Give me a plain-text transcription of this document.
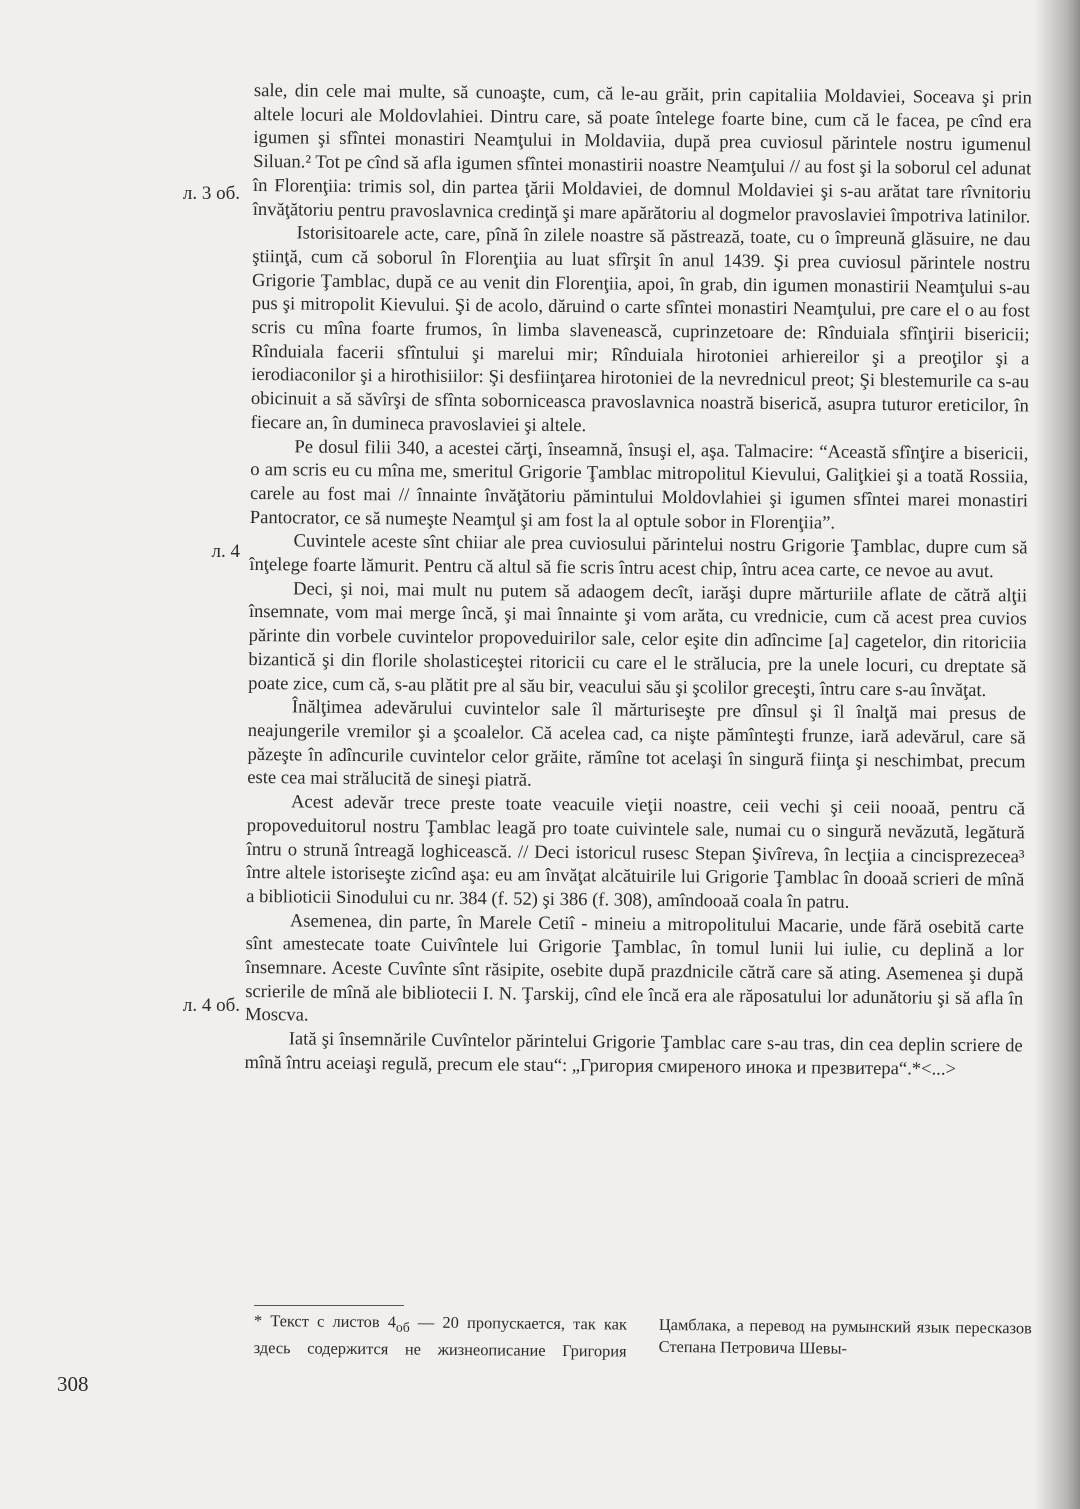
л. 3 об.
л. 4
л. 4 об.

sale, din cele mai multe, să cunoaşte, cum, că le-au grăit, prin capitaliia Moldaviei, Soceava şi prin altele locuri ale Moldovlahiei. Dintru care, să poate întelege foarte bine, cum că le facea, pe cînd era igumen şi sfîntei monastiri Neamţului in Moldaviia, după prea cuviosul părintele nostru igumenul Siluan.² Tot pe cînd să afla igumen sfîntei monastirii noastre Neamţului // au fost şi la soborul cel adunat în Florenţiia: trimis sol, din partea ţării Moldaviei, de domnul Moldaviei şi s-au arătat tare rîvnitoriu învăţătoriu pentru pravoslavnica credinţă şi mare apărătoriu al dogmelor pravoslaviei împotriva latinilor.

Istorisitoarele acte, care, pînă în zilele noastre să păstrează, toate, cu o împreună glăsuire, ne dau ştiinţă, cum că soborul în Florenţiia au luat sfîrşit în anul 1439. Şi prea cuviosul părintele nostru Grigorie Ţamblac, după ce au venit din Florenţiia, apoi, în grab, din igumen monastirii Neamţului s-au pus şi mitropolit Kievului. Şi de acolo, dăruind o carte sfîntei monastiri Neamţului, pre care el o au fost scris cu mîna foarte frumos, în limba slavenească, cuprinzetoare de: Rînduiala sfînţirii bisericii; Rînduiala facerii sfîntului şi marelui mir; Rînduiala hirotoniei arhiereilor şi a preoţilor şi a ierodiaconilor şi a hirothisiilor: Şi desfiinţarea hirotoniei de la nevrednicul preot; Şi blestemurile ca s-au obicinuit a să săvîrşi de sfînta soborniceasca pravoslavnica noastră biserică, asupra tuturor ereticilor, în fiecare an, în dumineca pravoslaviei şi altele.

Pe dosul filii 340, a acestei cărţi, înseamnă, însuşi el, aşa. Talmacire: “Această sfînţire a bisericii, o am scris eu cu mîna me, smeritul Grigorie Ţamblac mitropolitul Kievului, Galiţkiei şi a toată Rossiia, carele au fost mai // înnainte învăţătoriu pămintului Moldovlahiei şi igumen sfîntei marei monastiri Pantocrator, ce să numeşte Neamţul şi am fost la al optule sobor in Florenţiia”.

Cuvintele aceste sînt chiiar ale prea cuviosului părintelui nostru Grigorie Ţamblac, dupre cum să înţelege foarte lămurit. Pentru că altul să fie scris întru acest chip, întru acea carte, ce nevoe au avut.

Deci, şi noi, mai mult nu putem să adaogem decît, iarăşi dupre mărturiile aflate de cătră alţii însemnate, vom mai merge încă, şi mai înnainte şi vom arăta, cu vrednicie, cum că acest prea cuvios părinte din vorbele cuvintelor propoveduirilor sale, celor eşite din adîncime [a] cagetelor, din ritoriciia bizantică şi din florile sholasticeştei ritoricii cu care el le strălucia, pre la unele locuri, cu dreptate să poate zice, cum că, s-au plătit pre al său bir, veacului său şi şcolilor greceşti, întru care s-au învăţat.

Înălţimea adevărului cuvintelor sale îl mărturiseşte pre dînsul şi îl înalţă mai presus de neajungerile vremilor şi a şcoalelor. Că acelea cad, ca nişte pămînteşti frunze, iară adevărul, care să păzeşte în adîncurile cuvintelor celor grăite, rămîne tot acelaşi în singură fiinţa şi neschimbat, precum este cea mai strălucită de sineşi piatră.

Acest adevăr trece preste toate veacuile vieţii noastre, ceii vechi şi ceii nooaă, pentru că propoveduitorul nostru Ţamblac leagă pro toate cuivintele sale, numai cu o singură nevăzută, legătură întru o strună întreagă loghicească. // Deci istoricul rusesc Stepan Şivîreva, în lecţiia a cincisprezecea³ între altele istoriseşte zicînd aşa: eu am învăţat alcătuirile lui Grigorie Ţamblac în dooaă scrieri de mînă a biblioticii Sinodului cu nr. 384 (f. 52) şi 386 (f. 308), amîndooaă coala în patru.

Asemenea, din parte, în Marele Cetiî - mineiu a mitropolitului Macarie, unde fără osebită carte sînt amestecate toate Cuivîntele lui Grigorie Ţamblac, în tomul lunii lui iulie, cu deplină a lor însemnare. Aceste Cuvînte sînt răsipite, osebite după prazdnicile cătră care să ating. Asemenea şi după scrierile de mînă ale bibliotecii I. N. Ţarskij, cînd ele încă era ale răposatului lor adunătoriu şi să afla în Moscva.

Iată şi însemnările Cuvîntelor părintelui Grigorie Ţamblac care s-au tras, din cea deplin scriere de mînă întru aceiaşi regulă, precum ele stau“: „Григория смиреного инока и презвитера“.*<...>

* Текст с листов $4_{об}$ — 20 пропускается, так как здесь содержится не жизнеописание Григория Цамблака, а перевод на румынский язык пересказов Степана Петровича Шевы-

308
